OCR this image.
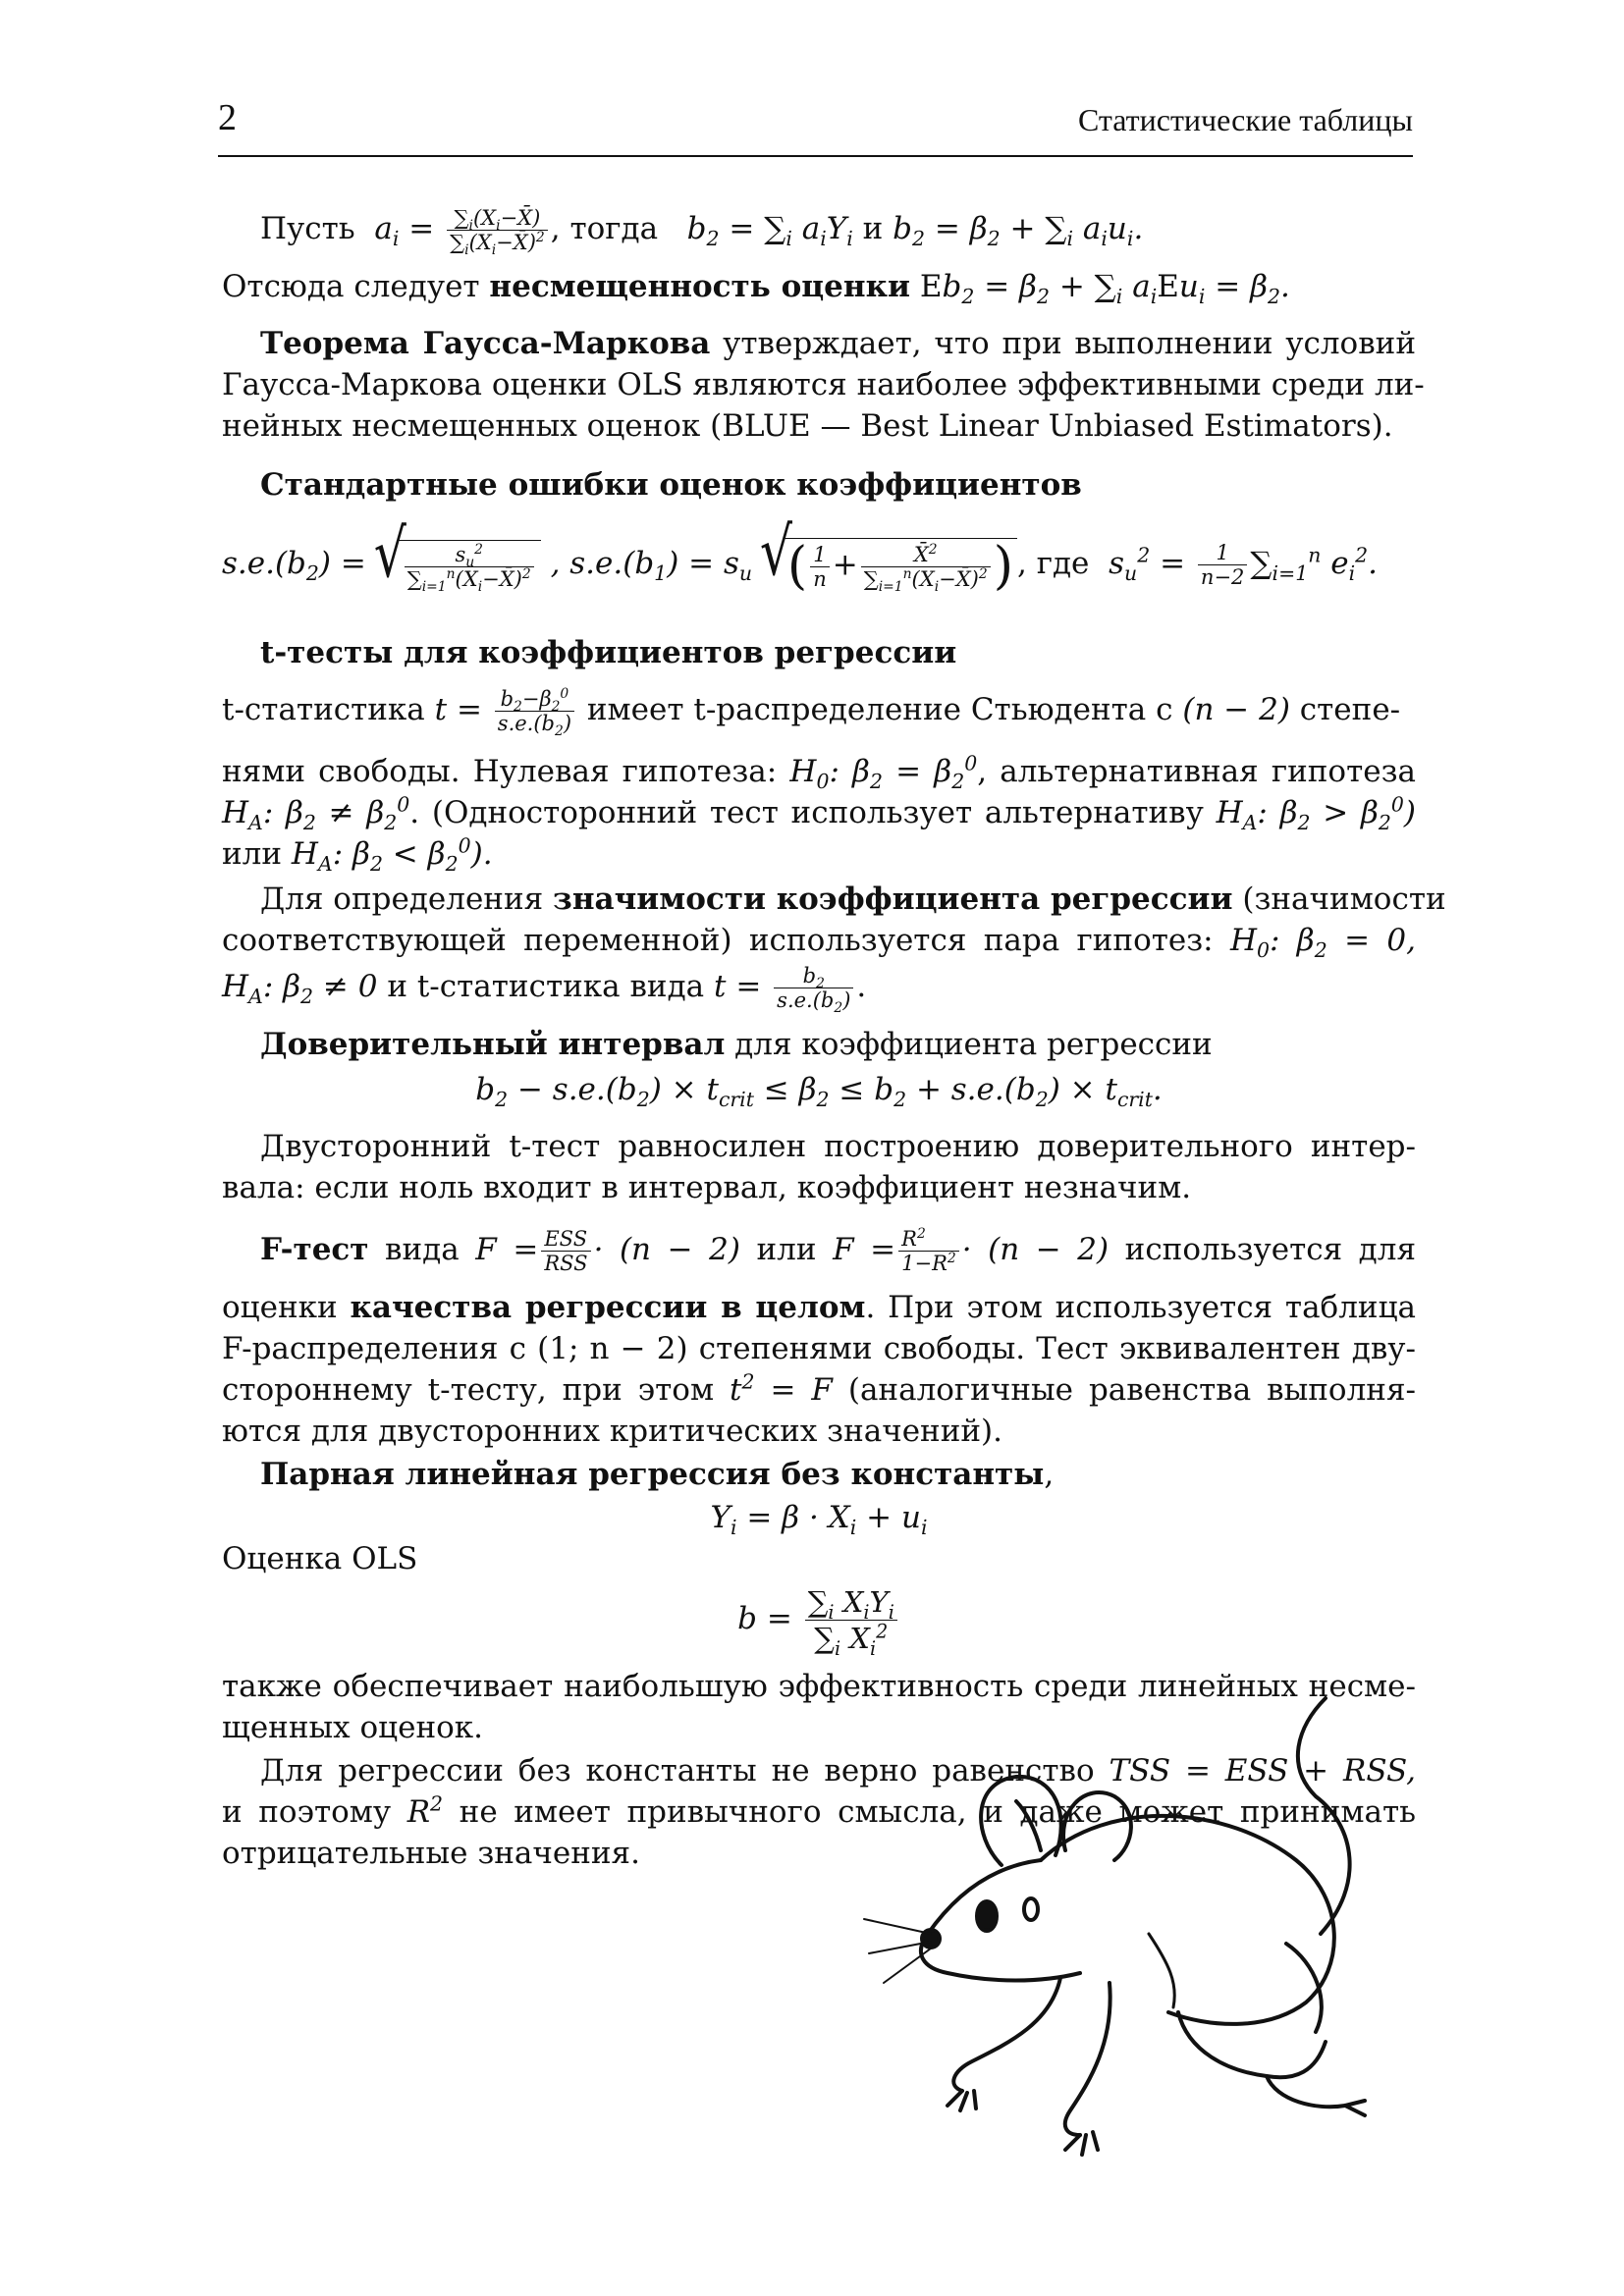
2	Статистические таблицы
Пусть $a_i = \frac{\sum_i(X_i-X̄)}{\sum_i(X_i-X̄)^2}$ , тогда $b_2 = \sum_i$ $a_iY_i$ и $b_2 = \beta_2 + \sum_i$ $a_iu_i$.
Отсюда следует несмещенность оценки $Eb_2 = \beta_2 + \sum_i$ $a_iEu_i = \beta_2$.
Теорема Гаусса-Маркова утверждает, что при выполнении условий
Гаусса-Маркова оценки OLS являются наиболее эффективными среди ли-
нейных несмещенных оценок (BLUE — Best Linear Unbiased Estimators).
Стандартные ошибки оценок коэффициентов
$s.e.(b_2)$ = √ $\frac{s_u^2}{\sum_{i=1}^n(X_i-X̄)^2}$ , $s.e.(b_1) = s_u$ √ ( $\frac{1}{n} + \frac{X̄^2}{\sum_{i=1}^n(X_i-X̄)^2}$ ) , где $s_u^2 = \frac{1}{n-2} \sum_{i=1}^n$ $e_i^2$.
t-тесты для коэффициентов регрессии
t-статистика $t = \frac{b_2-\beta_2^0}{s.e.(b_2)}$ имеет t-распределение Стьюдента с (n − 2) степе-
нями свободы. Нулевая гипотеза: $H_0$: $\beta_2 = \beta_2^0$, альтернативная гипотеза
$H_A$: $\beta_2 \ne \beta_2^0$. (Односторонний тест использует альтернативу $H_A$: $\beta_2 > \beta_2^0$)
или $H_A$: $\beta_2 < \beta_2^0$).
Для определения значимости коэффициента регрессии (значимости
соответствующей переменной) используется пара гипотез: $H_0$: $\beta_2 = 0$,
$H_A$: $\beta_2 \ne 0$ и t-статистика вида $t = \frac{b_2}{s.e.(b_2)}$ .
Доверительный интервал для коэффициента регрессии
$b_2 - s.e.(b_2) \times t_{crit} \le \beta_2 \le b_2 + s.e.(b_2) \times t_{crit}$.
Двусторонний t-тест равносилен построению доверительного интер-
вала: если ноль входит в интервал, коэффициент незначим.
F-тест вида $F = \frac{\text{ESS}}{\text{RSS}} \cdot (n - 2)$ или $F = \frac{R^2}{1-R^2} \cdot (n - 2)$ используется для
оценки качества регрессии в целом. При этом используется таблица
F-распределения с (1; n − 2) степенями свободы. Тест эквивалентен дву-
стороннему t-тесту, при этом $t^2 = F$ (аналогичные равенства выполня-
ются для двусторонних критических значений).
Парная линейная регрессия без константы,
$Y_i = \beta \cdot X_i + u_i$
Оценка OLS
$b = \frac{\sum_i X_iY_i}{\sum_i X_i^2}$
также обеспечивает наибольшую эффективность среди линейных несме-
щенных оценок.
Для регрессии без константы не верно равенство TSS = ESS + RSS,
и поэтому $R^2$ не имеет привычного смысла, и даже может принимать
отрицательные значения.
